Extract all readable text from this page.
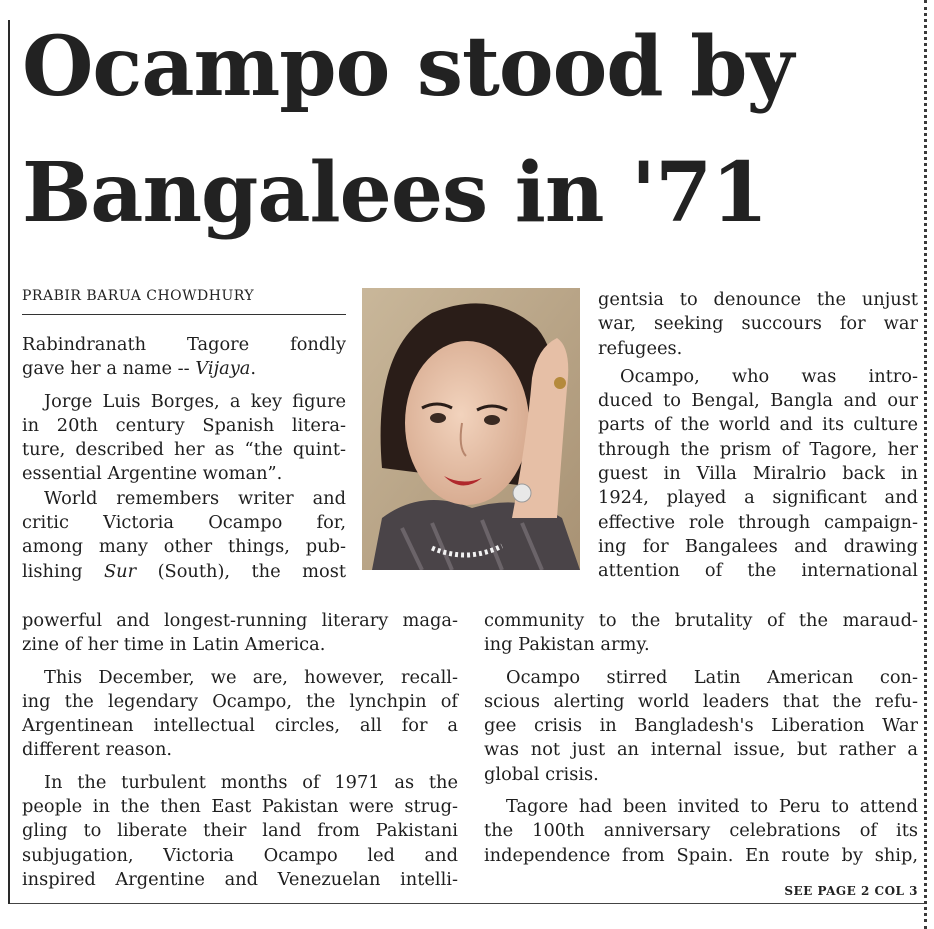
Ocampo stood by
Bangalees in '71
PRABIR BARUA CHOWDHURY
Rabindranath Tagore fondly
gave her a name -- Vijaya.
Jorge Luis Borges, a key figure
in 20th century Spanish litera-
ture, described her as “the quint-
essential Argentine woman”.
World remembers writer and
critic Victoria Ocampo for,
among many other things, pub-
lishing Sur (South), the most
powerful and longest-running literary maga-
zine of her time in Latin America.
This December, we are, however, recall-
ing the legendary Ocampo, the lynchpin of
Argentinean intellectual circles, all for a
different reason.
In the turbulent months of 1971 as the
people in the then East Pakistan were strug-
gling to liberate their land from Pakistani
subjugation, Victoria Ocampo led and
inspired Argentine and Venezuelan intelli-
gentsia to denounce the unjust
war, seeking succours for war
refugees.
Ocampo, who was intro-
duced to Bengal, Bangla and our
parts of the world and its culture
through the prism of Tagore, her
guest in Villa Miralrio back in
1924, played a significant and
effective role through campaign-
ing for Bangalees and drawing
attention of the international
community to the brutality of the maraud-
ing Pakistan army.
Ocampo stirred Latin American con-
scious alerting world leaders that the refu-
gee crisis in Bangladesh's Liberation War
was not just an internal issue, but rather a
global crisis.
Tagore had been invited to Peru to attend
the 100th anniversary celebrations of its
independence from Spain. En route by ship,
SEE PAGE 2 COL 3
